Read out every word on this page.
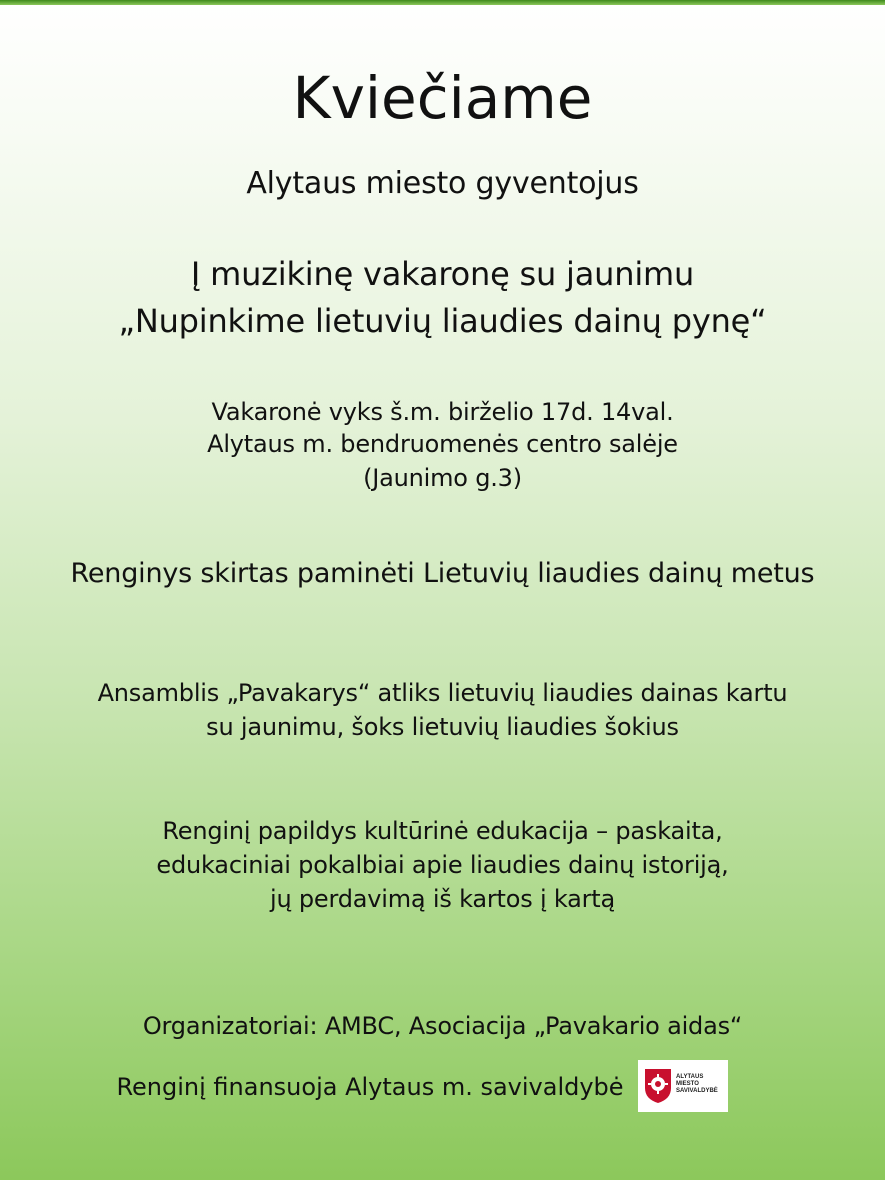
Kviečiame
Alytaus miesto gyventojus
Į muzikinę vakaronę su jaunimu
„Nupinkime lietuvių liaudies dainų pynę“
Vakaronė vyks š.m. birželio 17d. 14val.
Alytaus m. bendruomenės centro salėje
(Jaunimo g.3)
Renginys skirtas paminėti Lietuvių liaudies dainų metus
Ansamblis „Pavakarys“ atliks lietuvių liaudies dainas kartu
su jaunimu, šoks lietuvių liaudies šokius
Renginį papildys kultūrinė edukacija – paskaita,
edukaciniai pokalbiai apie liaudies dainų istoriją,
jų perdavimą iš kartos į kartą
Organizatoriai: AMBC, Asociacija „Pavakario aidas“
Renginį finansuoja Alytaus m. savivaldybė	ALYTAUS
MIESTO
SAVIVALDYBĖ
